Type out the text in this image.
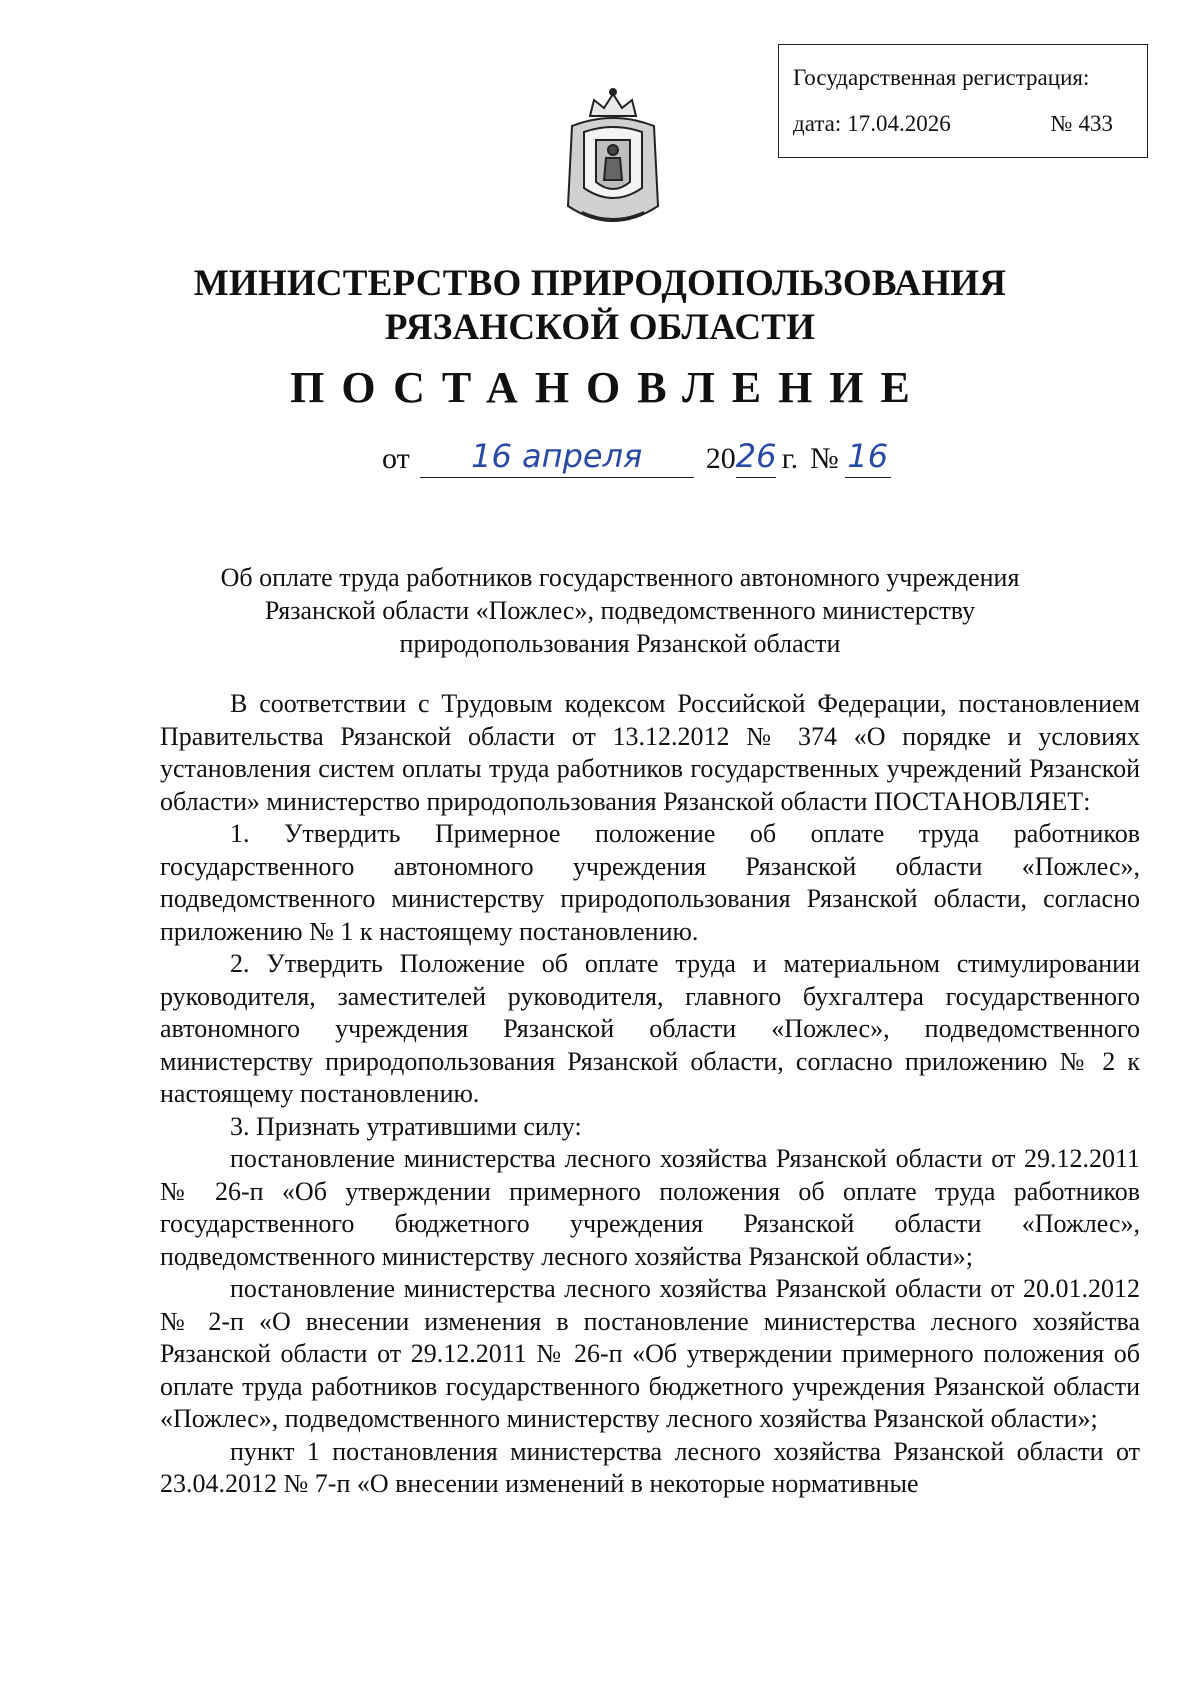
Государственная регистрация:
дата: 17.04.2026	№ 433
МИНИСТЕРСТВО ПРИРОДОПОЛЬЗОВАНИЯ
РЯЗАНСКОЙ ОБЛАСТИ
ПОСТАНОВЛЕНИЕ
от	16 апреля	20 26 г. № 16
Об оплате труда работников государственного автономного учреждения
Рязанской области «Пожлес», подведомственного министерству
природопользования Рязанской области

В соответствии с Трудовым кодексом Российской Федерации, постановлением Правительства Рязанской области от 13.12.2012 № 374 «О порядке и условиях установления систем оплаты труда работников государственных учреждений Рязанской области» министерство природопользования Рязанской области ПОСТАНОВЛЯЕТ:

1. Утвердить Примерное положение об оплате труда работников государственного автономного учреждения Рязанской области «Пожлес», подведомственного министерству природопользования Рязанской области, согласно приложению № 1 к настоящему постановлению.

2. Утвердить Положение об оплате труда и материальном стимулировании руководителя, заместителей руководителя, главного бухгалтера государственного автономного учреждения Рязанской области «Пожлес», подведомственного министерству природопользования Рязанской области, согласно приложению № 2 к настоящему постановлению.

3. Признать утратившими силу:

постановление министерства лесного хозяйства Рязанской области от 29.12.2011 № 26-п «Об утверждении примерного положения об оплате труда работников государственного бюджетного учреждения Рязанской области «Пожлес», подведомственного министерству лесного хозяйства Рязанской области»;

постановление министерства лесного хозяйства Рязанской области от 20.01.2012 № 2-п «О внесении изменения в постановление министерства лесного хозяйства Рязанской области от 29.12.2011 № 26-п «Об утверждении примерного положения об оплате труда работников государственного бюджетного учреждения Рязанской области «Пожлес», подведомственного министерству лесного хозяйства Рязанской области»;

пункт 1 постановления министерства лесного хозяйства Рязанской области от 23.04.2012 № 7-п «О внесении изменений в некоторые нормативные
